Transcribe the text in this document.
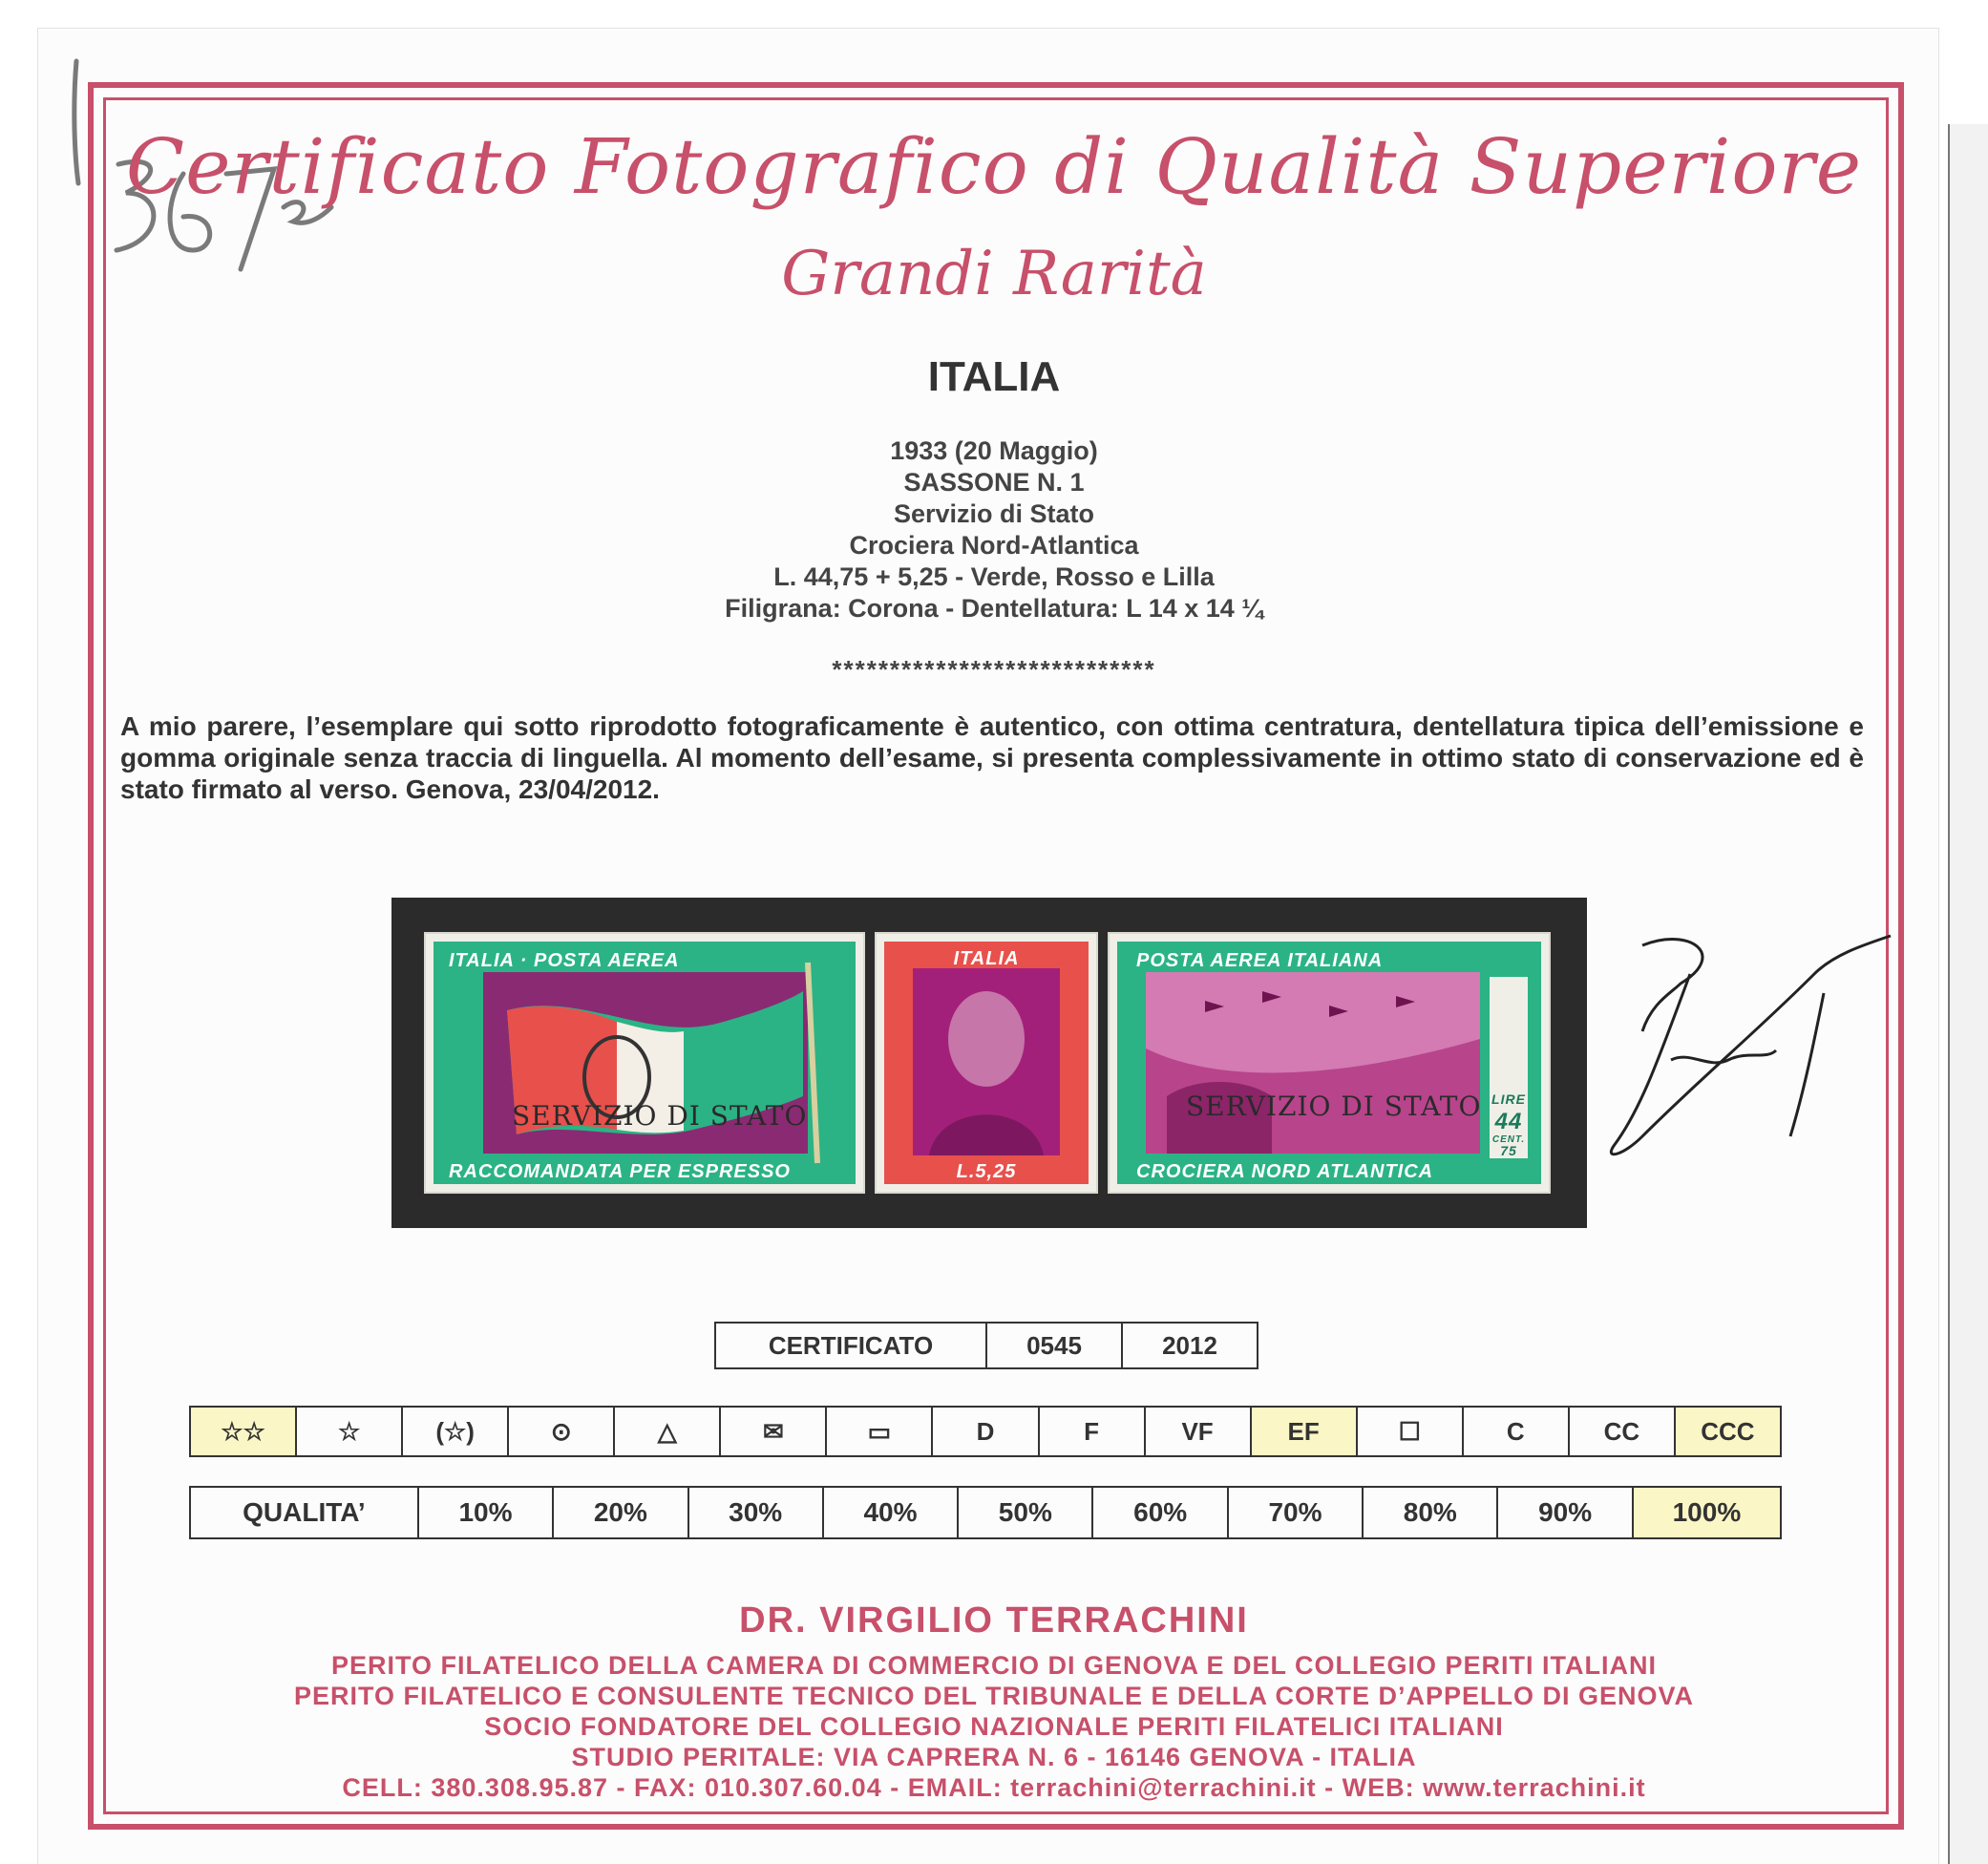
Certificato Fotografico di Qualità Superiore
Grandi Rarità
ITALIA
1933 (20 Maggio)
SASSONE N. 1
Servizio di Stato
Crociera Nord-Atlantica
L. 44,75 + 5,25 - Verde, Rosso e Lilla
Filigrana: Corona - Dentellatura: L 14 x 14 ¼
****************************
A mio parere, l’esemplare qui sotto riprodotto fotograficamente è autentico, con ottima centratura, dentellatura tipica dell’emissione e gomma originale senza traccia di linguella. Al momento dell’esame, si presenta complessivamente in ottimo stato di conservazione ed è stato firmato al verso. Genova, 23/04/2012.
ITALIA · POSTA AEREA
RACCOMANDATA PER ESPRESSO
SERVIZIO DI STATO
ITALIA
L.5,25
POSTA AEREA ITALIANA
CROCIERA NORD ATLANTICA
SERVIZIO DI STATO LIRE
44
CENT.
75
CERTIFICATO	0545	2012
☆☆	☆	(☆)	⊙	△	✉	▭	D	F	VF	EF	☐	C	CC	CCC
QUALITA’	10%	20%	30%	40%	50%	60%	70%	80%	90%	100%
DR. VIRGILIO TERRACHINI
PERITO FILATELICO DELLA CAMERA DI COMMERCIO DI GENOVA E DEL COLLEGIO PERITI ITALIANI
PERITO FILATELICO E CONSULENTE TECNICO DEL TRIBUNALE E DELLA CORTE D’APPELLO DI GENOVA
SOCIO FONDATORE DEL COLLEGIO NAZIONALE PERITI FILATELICI ITALIANI
STUDIO PERITALE: VIA CAPRERA N. 6 - 16146 GENOVA - ITALIA
CELL: 380.308.95.87 - FAX: 010.307.60.04 - EMAIL: terrachini@terrachini.it - WEB: www.terrachini.it
